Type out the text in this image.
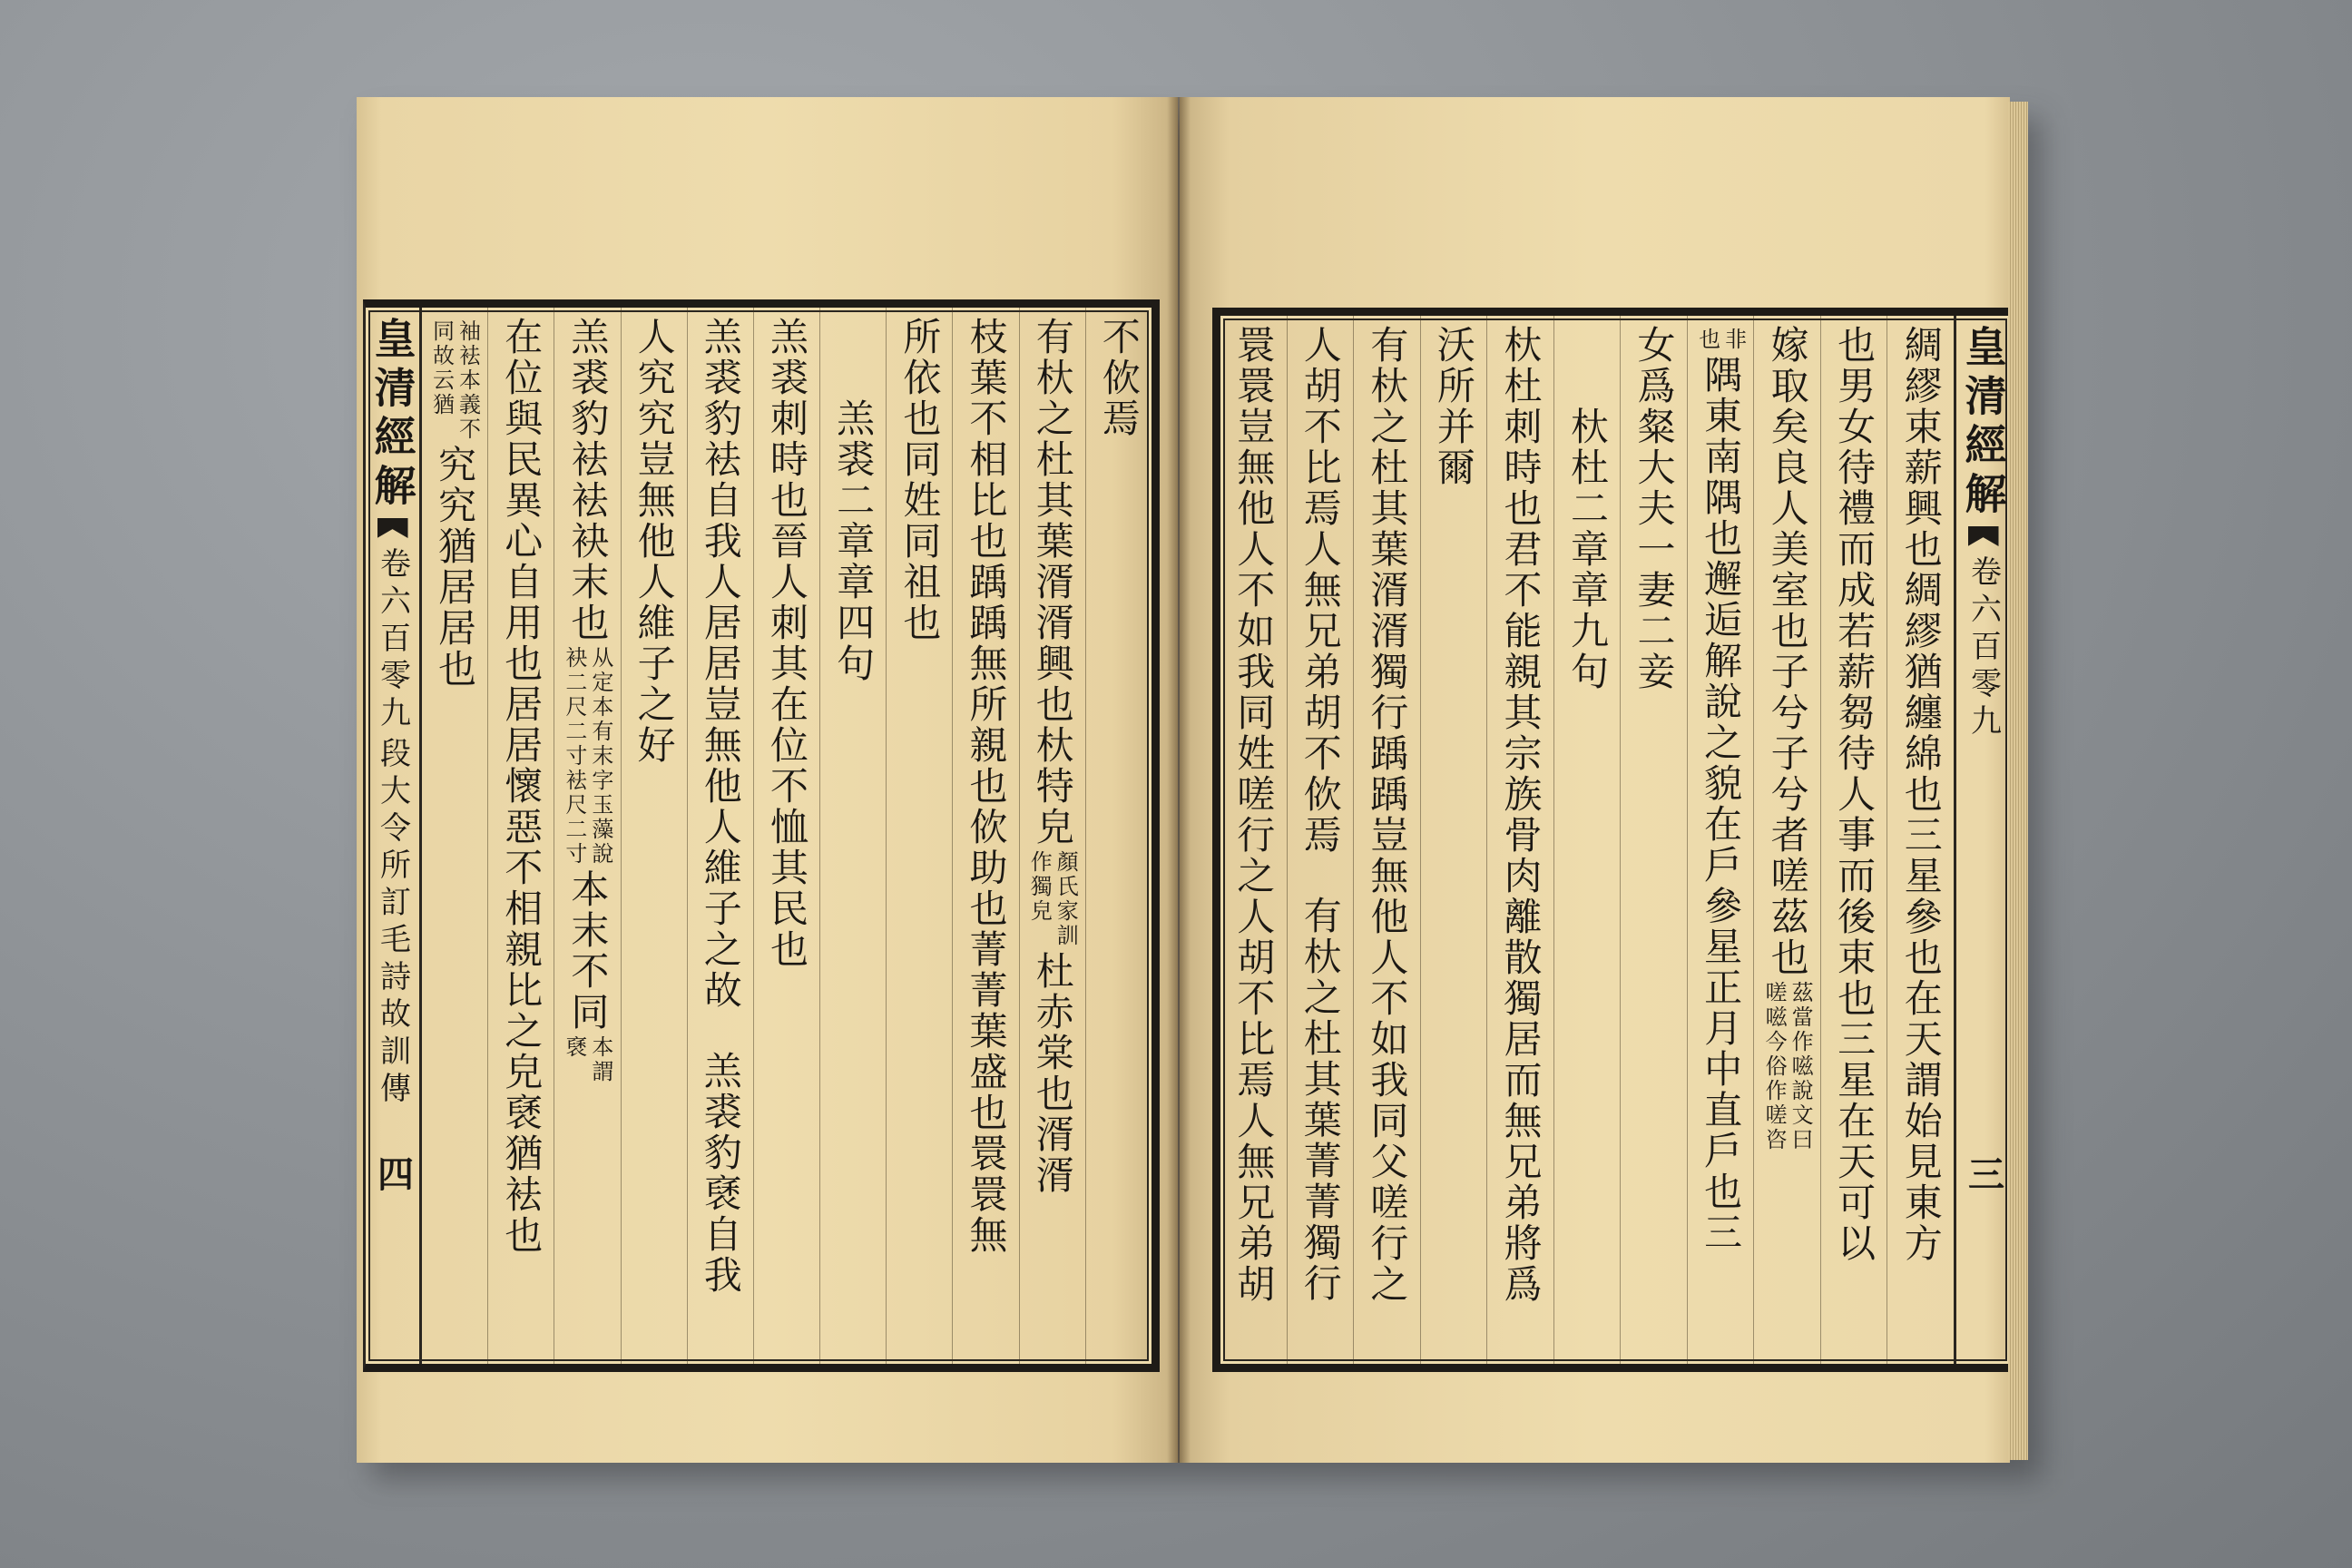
皇清經解
卷六百零九
段大令所訂毛詩故訓傳
四
不佽焉
有杕之杜其葉湑湑興也杕特皃
顏氏家訓
作獨皃
杜赤棠也湑湑
枝葉不相比也踽踽無所親也佽助也菁菁葉盛也睘睘無
所依也同姓同祖也
羔裘二章章四句
羔裘刺時也晉人刺其在位不恤其民也
羔裘豹袪自我人居居豈無他人維子之故
羔裘豹褎自我
人究究豈無他人維子之好
羔裘豹袪袪袂末也
从定本有末字玉藻說
袂二尺二寸袪尺二寸
本末不同
本謂
褎
在位與民異心自用也居居懷惡不相親比之皃褎猶袪也
袖袪本義不
同故云猶
究究猶居居也	綢繆束薪興也綢繆猶纏綿也三星參也在天謂始見東方
也男女待禮而成若薪芻待人事而後束也三星在天可以
嫁取矣良人美室也子兮子兮者嗟茲也
茲當作嗞說文曰
嗟嗞今俗作嗟咨
非
也
隅東南隅也邂逅解說之貌在戶參星正月中直戶也三
女爲粲大夫一妻二妾
杕杜二章章九句
杕杜刺時也君不能親其宗族骨肉離散獨居而無兄弟將爲
沃所并爾
有杕之杜其葉湑湑獨行踽踽豈無他人不如我同父嗟行之
人胡不比焉人無兄弟胡不佽焉
有杕之杜其葉菁菁獨行
睘睘豈無他人不如我同姓嗟行之人胡不比焉人無兄弟胡	皇清經解
卷六百零九
三
